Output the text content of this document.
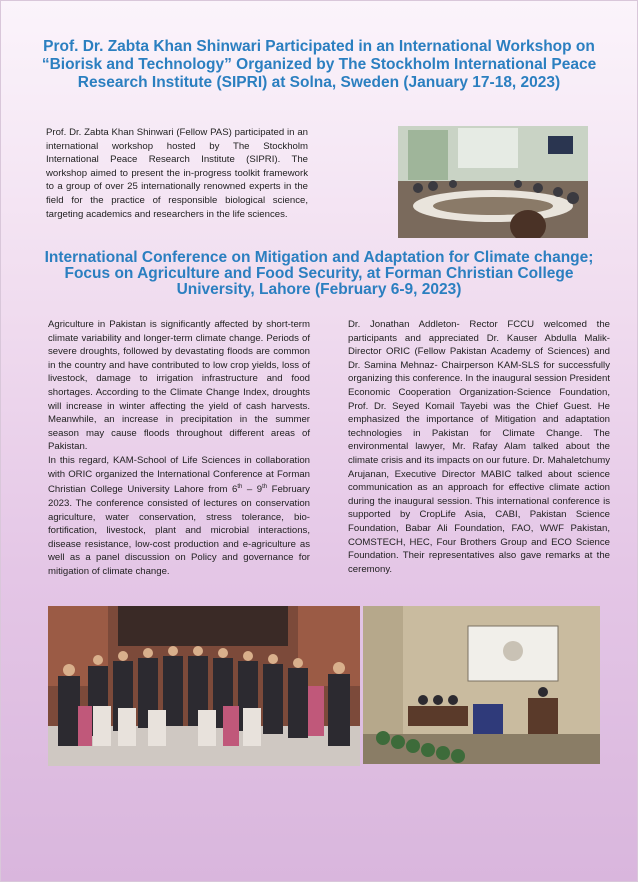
Prof. Dr. Zabta Khan Shinwari Participated in an International Workshop on “Biorisk and Technology” Organized by The Stockholm International Peace Research Institute (SIPRI) at Solna, Sweden (January 17-18, 2023)
Prof. Dr. Zabta Khan Shinwari (Fellow PAS) participated in an international workshop hosted by The Stockholm International Peace Research Institute (SIPRI). The workshop aimed to present the in-progress toolkit framework to a group of over 25 internationally renowned experts in the field for the practice of responsible biological science, targeting academics and researchers in the life sciences.
International Conference on Mitigation and Adaptation for Climate change; Focus on Agriculture and Food Security, at Forman Christian College University, Lahore (February 6-9, 2023)

Agriculture in Pakistan is significantly affected by short-term climate variability and longer-term climate change. Periods of severe droughts, followed by devastating floods are common in the country and have contributed to low crop yields, loss of livestock, damage to irrigation infrastructure and food shortages. According to the Climate Change Index, droughts will increase in winter affecting the yield of cash harvests. Meanwhile, an increase in precipitation in the summer season may cause floods throughout different areas of Pakistan.

In this regard, KAM-School of Life Sciences in collaboration with ORIC organized the International Conference at Forman Christian College University Lahore from 6th – 9th February 2023. The conference consisted of lectures on conservation agriculture, water conservation, stress tolerance, bio-fortification, livestock, plant and microbial interactions, disease resistance, low-cost production and e-agriculture as well as a panel discussion on Policy and governance for mitigation of climate change.

Dr. Jonathan Addleton- Rector FCCU welcomed the participants and appreciated Dr. Kauser Abdulla Malik- Director ORIC (Fellow Pakistan Academy of Sciences) and Dr. Samina Mehnaz- Chairperson KAM-SLS for successfully organizing this conference. In the inaugural session President Economic Cooperation Organization-Science Foundation, Prof. Dr. Seyed Komail Tayebi was the Chief Guest. He emphasized the importance of Mitigation and adaptation technologies in Pakistan for Climate Change. The environmental lawyer, Mr. Rafay Alam talked about the climate crisis and its impacts on our future. Dr. Mahaletchumy Arujanan, Executive Director MABIC talked about science communication as an approach for effective climate action during the inaugural session. This international conference is supported by CropLife Asia, CABI, Pakistan Science Foundation, Babar Ali Foundation, FAO, WWF Pakistan, COMSTECH, HEC, Four Brothers Group and ECO Science Foundation. Their representatives also gave remarks at the ceremony.
